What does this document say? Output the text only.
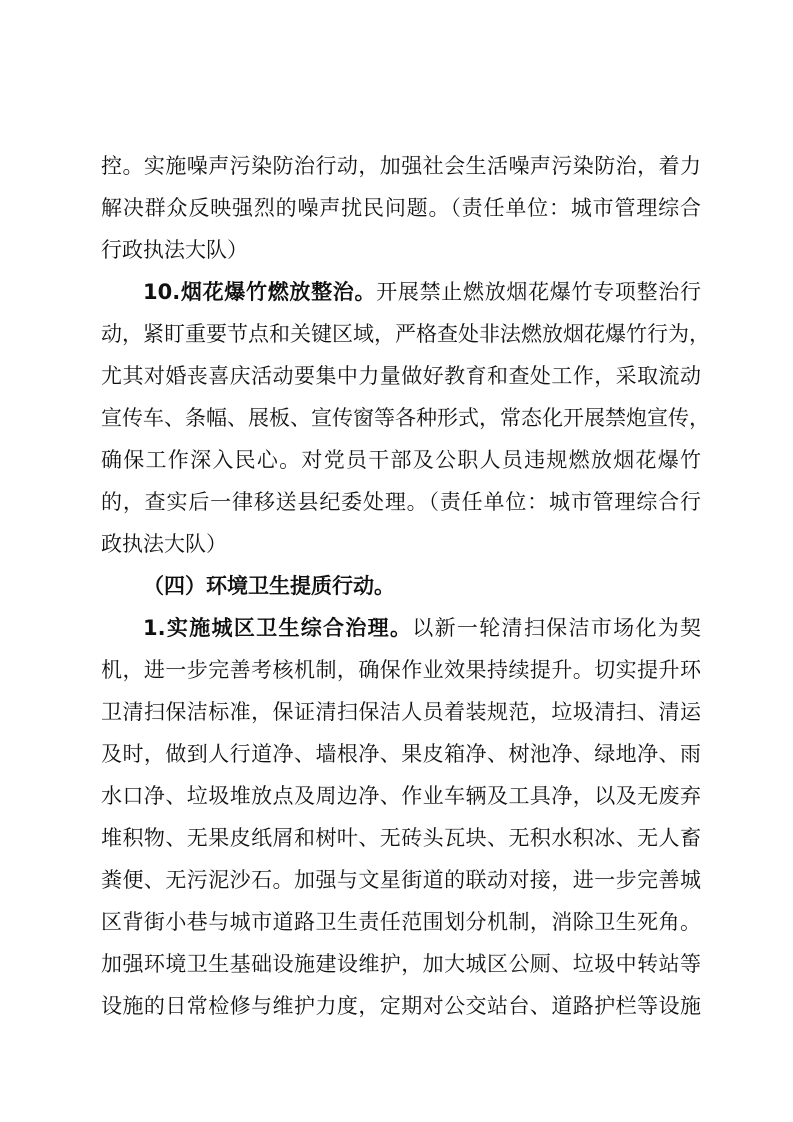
控。实施噪声污染防治行动，加强社会生活噪声污染防治，着力
解决群众反映强烈的噪声扰民问题。（责任单位：城市管理综合
行政执法大队）
10.烟花爆竹燃放整治。开展禁止燃放烟花爆竹专项整治行
动，紧盯重要节点和关键区域，严格查处非法燃放烟花爆竹行为，
尤其对婚丧喜庆活动要集中力量做好教育和查处工作，采取流动
宣传车、条幅、展板、宣传窗等各种形式，常态化开展禁炮宣传，
确保工作深入民心。对党员干部及公职人员违规燃放烟花爆竹
的，查实后一律移送县纪委处理。（责任单位：城市管理综合行
政执法大队）
（四）环境卫生提质行动。
1.实施城区卫生综合治理。以新一轮清扫保洁市场化为契
机，进一步完善考核机制，确保作业效果持续提升。切实提升环
卫清扫保洁标准，保证清扫保洁人员着装规范，垃圾清扫、清运
及时，做到人行道净、墙根净、果皮箱净、树池净、绿地净、雨
水口净、垃圾堆放点及周边净、作业车辆及工具净，以及无废弃
堆积物、无果皮纸屑和树叶、无砖头瓦块、无积水积冰、无人畜
粪便、无污泥沙石。加强与文星街道的联动对接，进一步完善城
区背街小巷与城市道路卫生责任范围划分机制，消除卫生死角。
加强环境卫生基础设施建设维护，加大城区公厕、垃圾中转站等
设施的日常检修与维护力度，定期对公交站台、道路护栏等设施
